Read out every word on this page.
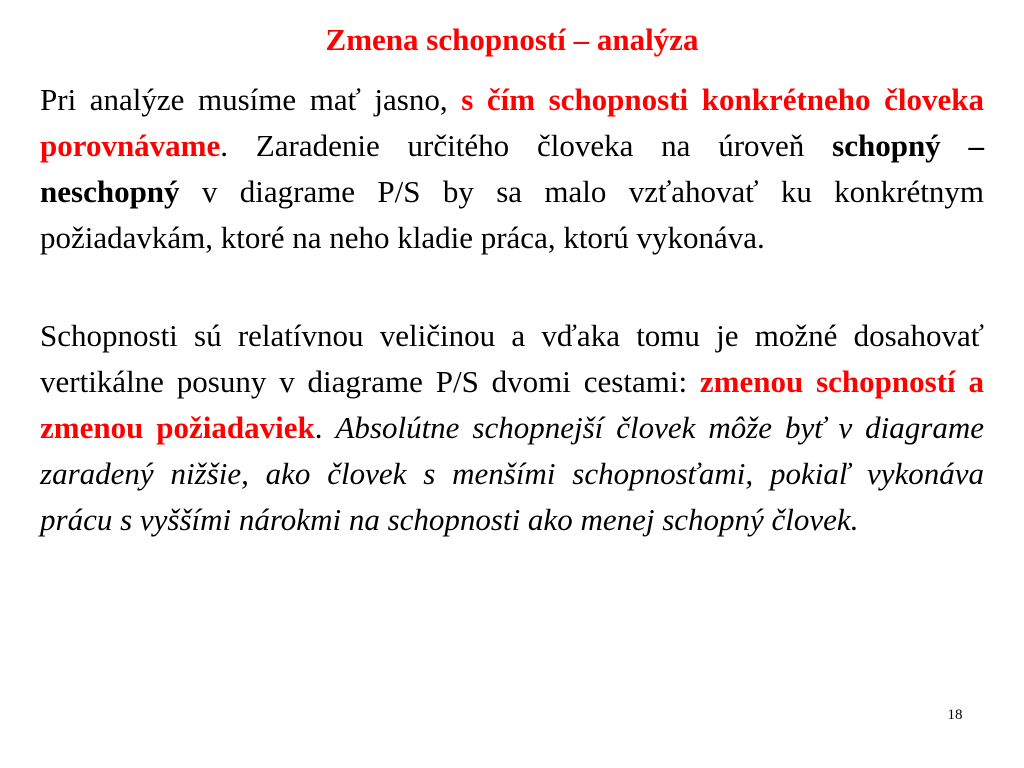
Zmena schopností – analýza

Pri analýze musíme mať jasno, s čím schopnosti konkrétneho človeka porovnávame. Zaradenie určitého človeka na úroveň schopný – neschopný v diagrame P/S by sa malo vzťahovať ku konkrétnym požiadavkám, ktoré na neho kladie práca, ktorú vykonáva.

Schopnosti sú relatívnou veličinou a vďaka tomu je možné dosahovať vertikálne posuny v diagrame P/S dvomi cestami: zmenou schopností a zmenou požiadaviek. Absolútne schopnejší človek môže byť v diagrame zaradený nižšie, ako človek s menšími schopnosťami, pokiaľ vykonáva prácu s vyššími nárokmi na schopnosti ako menej schopný človek.

18
